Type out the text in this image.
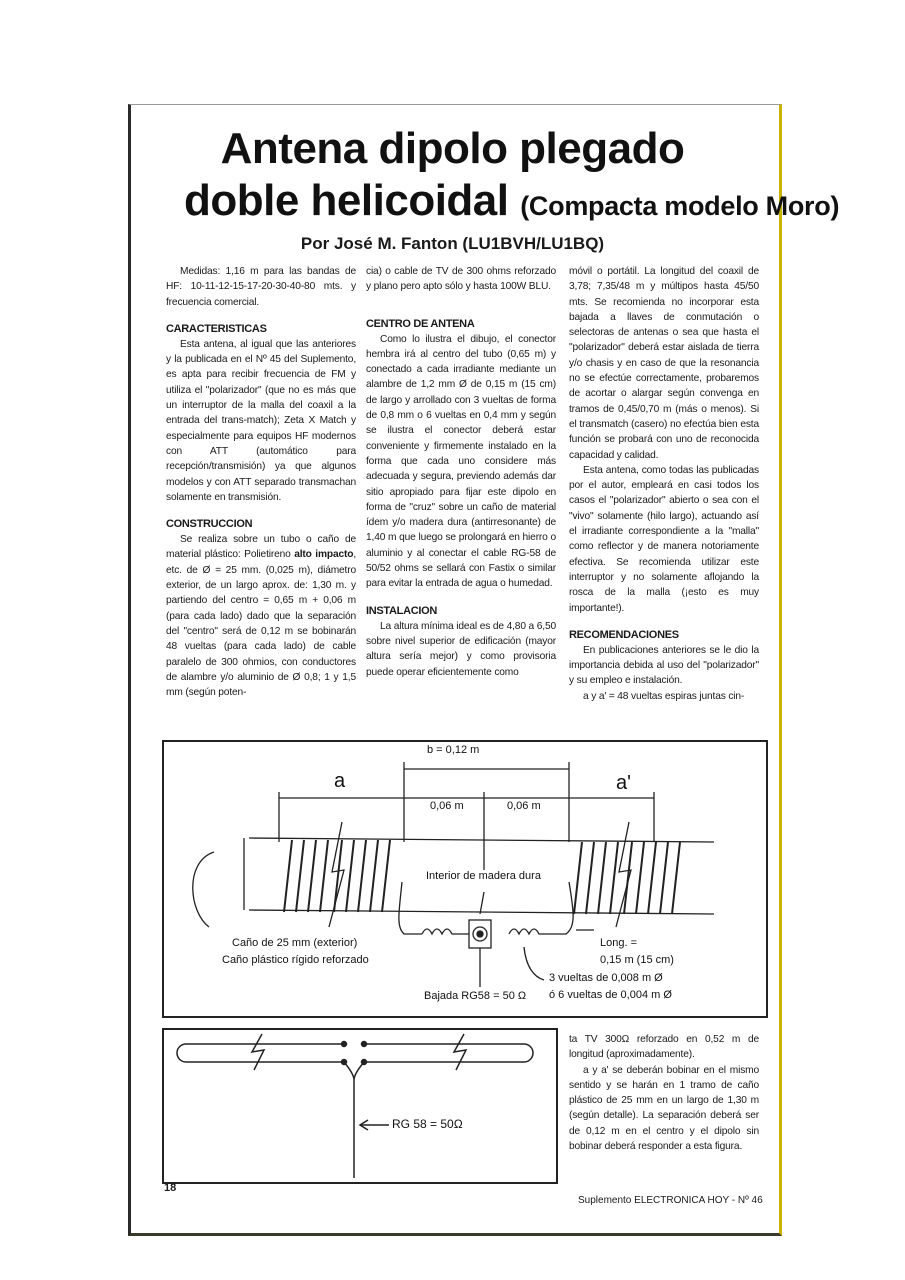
Antena dipolo plegado
doble helicoidal (Compacta modelo Moro)
Por José M. Fanton (LU1BVH/LU1BQ)

Medidas: 1,16 m para las bandas de HF: 10-11-12-15-17-20-30-40-80 mts. y frecuencia comercial.

CARACTERISTICAS

Esta antena, al igual que las anteriores y la publicada en el Nº 45 del Suplemento, es apta para recibir frecuencia de FM y utiliza el "polarizador" (que no es más que un interruptor de la malla del coaxil a la entrada del trans-match); Zeta X Match y especialmente para equipos HF modernos con ATT (automático para recepción/transmisión) ya que algunos modelos y con ATT separado transmachan solamente en transmisión.

CONSTRUCCION

Se realiza sobre un tubo o caño de material plástico: Polietireno alto impacto, etc. de Ø = 25 mm. (0,025 m), diámetro exterior, de un largo aprox. de: 1,30 m. y partiendo del centro = 0,65 m + 0,06 m (para cada lado) dado que la separación del "centro" será de 0,12 m se bobinarán 48 vueltas (para cada lado) de cable paralelo de 300 ohmios, con conductores de alambre y/o aluminio de Ø 0,8; 1 y 1,5 mm (según poten-

cia) o cable de TV de 300 ohms reforzado y plano pero apto sólo y hasta 100W BLU.

CENTRO DE ANTENA

Como lo ilustra el dibujo, el conector hembra irá al centro del tubo (0,65 m) y conectado a cada irradiante mediante un alambre de 1,2 mm Ø de 0,15 m (15 cm) de largo y arrollado con 3 vueltas de forma de 0,8 mm o 6 vueltas en 0,4 mm y según se ilustra el conector deberá estar conveniente y firmemente instalado en la forma que cada uno considere más adecuada y segura, previendo además dar sitio apropiado para fijar este dipolo en forma de "cruz" sobre un caño de material ídem y/o madera dura (antirresonante) de 1,40 m que luego se prolongará en hierro o aluminio y al conectar el cable RG-58 de 50/52 ohms se sellará con Fastix o similar para evitar la entrada de agua o humedad.

INSTALACION

La altura mínima ideal es de 4,80 a 6,50 sobre nivel superior de edificación (mayor altura sería mejor) y como provisoria puede operar eficientemente como

móvil o portátil. La longitud del coaxil de 3,78; 7,35/48 m y múltipos hasta 45/50 mts. Se recomienda no incorporar esta bajada a llaves de conmutación o selectoras de antenas o sea que hasta el "polarizador" deberá estar aislada de tierra y/o chasis y en caso de que la resonancia no se efectúe correctamente, probaremos de acortar o alargar según convenga en tramos de 0,45/0,70 m (más o menos). Si el transmatch (casero) no efectúa bien esta función se probará con uno de reconocida capacidad y calidad.

Esta antena, como todas las publicadas por el autor, empleará en casi todos los casos el "polarizador" abierto o sea con el "vivo" solamente (hilo largo), actuando así el irradiante correspondiente a la "malla" como reflector y de manera notoriamente efectiva. Se recomienda utilizar este interruptor y no solamente aflojando la rosca de la malla (¡esto es muy importante!).

RECOMENDACIONES

En publicaciones anteriores se le dio la importancia debida al uso del "polarizador" y su empleo e instalación.

a y a' = 48 vueltas espiras juntas cin-

b = 0,12 m
a	a'
0,06 m	0,06 m
Interior de madera dura
Caño de 25 mm (exterior)
Caño plástico rígido reforzado
Long. =
0,15 m (15 cm)
Bajada RG58 = 50 Ω
3 vueltas de 0,008 m Ø
ó 6 vueltas de 0,004 m Ø
RG 58 = 50Ω

ta TV 300Ω reforzado en 0,52 m de longitud (aproximadamente).

a y a' se deberán bobinar en el mismo sentido y se harán en 1 tramo de caño plástico de 25 mm en un largo de 1,30 m (según detalle). La separación deberá ser de 0,12 m en el centro y el dipolo sin bobinar deberá responder a esta figura.

18
Suplemento ELECTRONICA HOY - Nº 46
